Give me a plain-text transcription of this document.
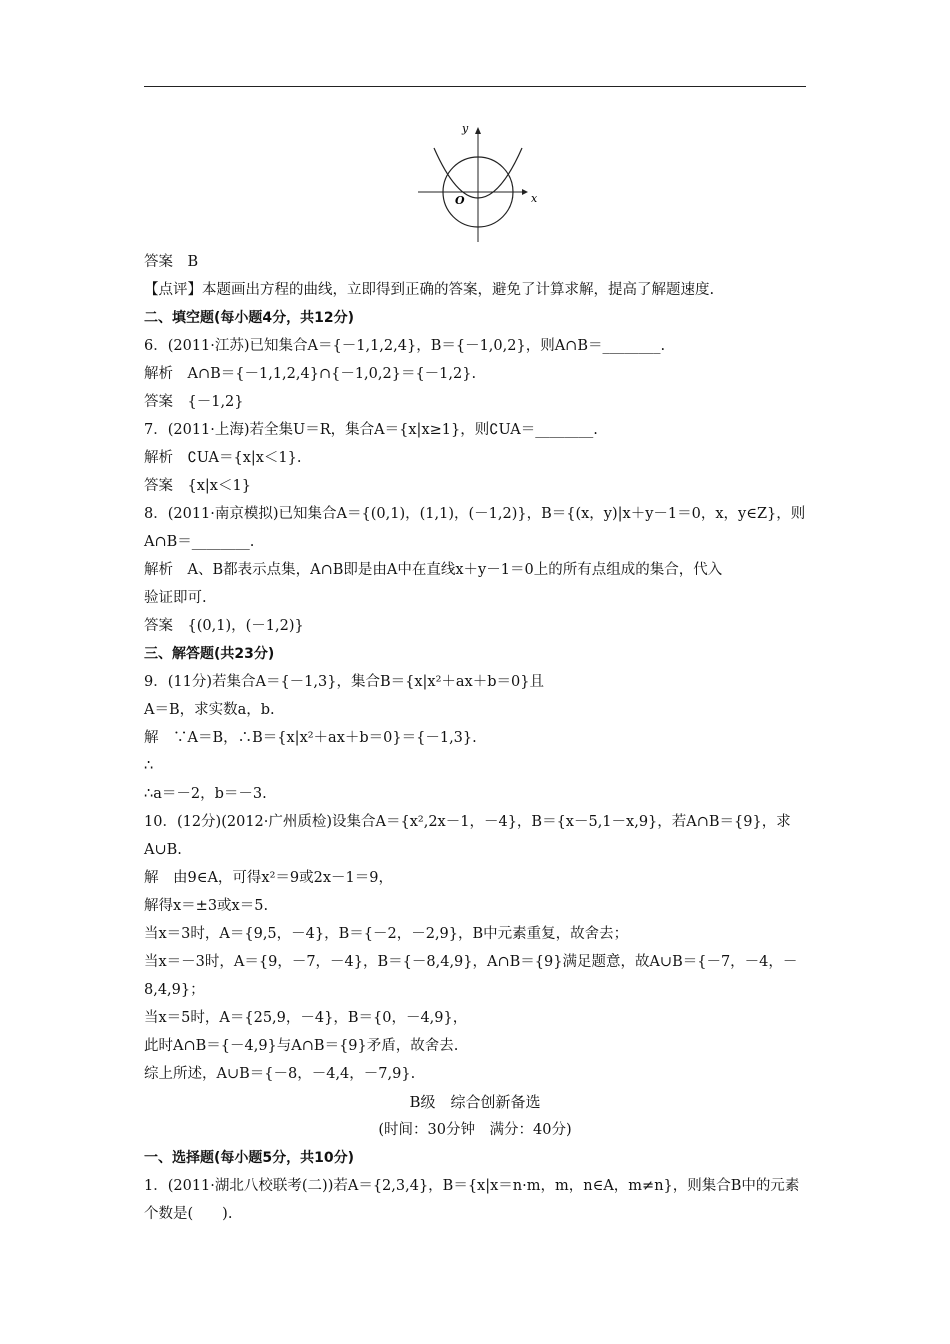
y
x
O
答案　B
【点评】本题画出方程的曲线，立即得到正确的答案，避免了计算求解，提高了解题速度.
二、填空题(每小题4分，共12分)
6．(2011·江苏)已知集合A＝{－1,1,2,4}，B＝{－1,0,2}，则A∩B＝________.
解析　A∩B＝{－1,1,2,4}∩{－1,0,2}＝{－1,2}.
答案　{－1,2}
7．(2011·上海)若全集U＝R，集合A＝{x|x≥1}，则∁UA＝________.
解析　∁UA＝{x|x＜1}.
答案　{x|x＜1}
8．(2011·南京模拟)已知集合A＝{(0,1)，(1,1)，(－1,2)}，B＝{(x，y)|x＋y－1＝0，x，y∈Z}，则
A∩B＝________.
解析　A、B都表示点集，A∩B即是由A中在直线x＋y－1＝0上的所有点组成的集合，代入
验证即可.
答案　{(0,1)，(－1,2)}
三、解答题(共23分)
9．(11分)若集合A＝{－1,3}，集合B＝{x|x²＋ax＋b＝0}且
A＝B，求实数a，b.
解　∵A＝B，∴B＝{x|x²＋ax＋b＝0}＝{－1,3}.
∴
∴a＝－2，b＝－3.
10．(12分)(2012·广州质检)设集合A＝{x²,2x－1，－4}，B＝{x－5,1－x,9}，若A∩B＝{9}，求
A∪B.
解　由9∈A，可得x²＝9或2x－1＝9，
解得x＝±3或x＝5.
当x＝3时，A＝{9,5，－4}，B＝{－2，－2,9}，B中元素重复，故舍去；
当x＝－3时，A＝{9，－7，－4}，B＝{－8,4,9}，A∩B＝{9}满足题意，故A∪B＝{－7，－4，－
8,4,9}；
当x＝5时，A＝{25,9，－4}，B＝{0，－4,9}，
此时A∩B＝{－4,9}与A∩B＝{9}矛盾，故舍去.
综上所述，A∪B＝{－8，－4,4，－7,9}.
B级　综合创新备选
(时间：30分钟　满分：40分)
一、选择题(每小题5分，共10分)
1．(2011·湖北八校联考(二))若A＝{2,3,4}，B＝{x|x＝n·m，m，n∈A，m≠n}，则集合B中的元素
个数是(　　).
